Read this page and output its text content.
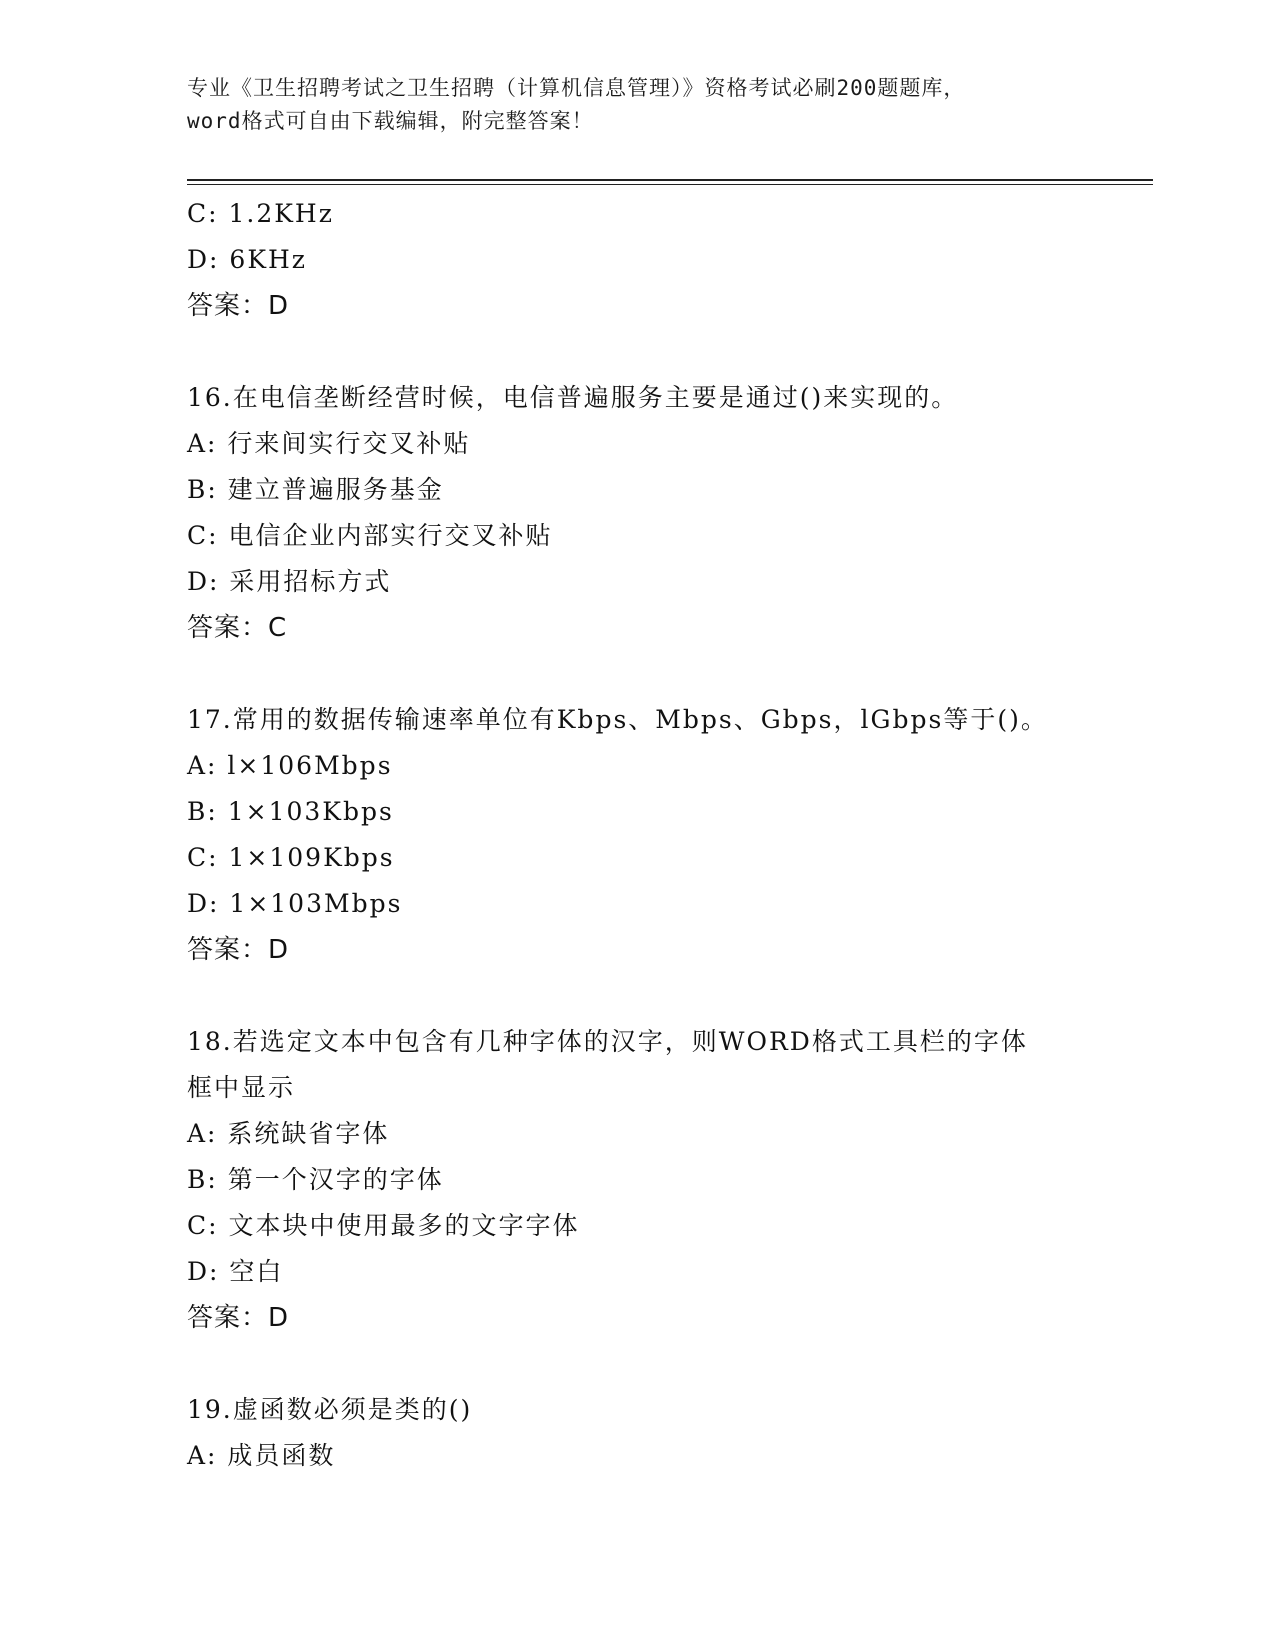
专业《卫生招聘考试之卫生招聘（计算机信息管理）》资格考试必刷200题题库，
word格式可自由下载编辑，附完整答案！
C: 1.2KHz
D: 6KHz
答案：D
16.在电信垄断经营时候，电信普遍服务主要是通过()来实现的。
A: 行来间实行交叉补贴
B: 建立普遍服务基金
C: 电信企业内部实行交叉补贴
D: 采用招标方式
答案：C
17.常用的数据传输速率单位有Kbps、Mbps、Gbps，lGbps等于()。
A: l×106Mbps
B: 1×103Kbps
C: 1×109Kbps
D: 1×103Mbps
答案：D
18.若选定文本中包含有几种字体的汉字，则WORD格式工具栏的字体
框中显示
A: 系统缺省字体
B: 第一个汉字的字体
C: 文本块中使用最多的文字字体
D: 空白
答案：D
19.虚函数必须是类的()
A: 成员函数
